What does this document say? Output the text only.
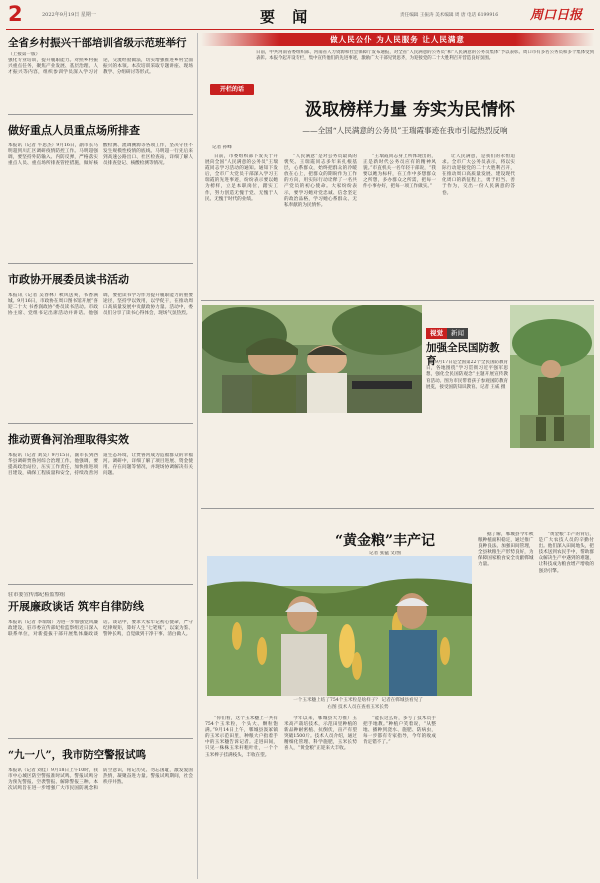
2	2022年9月19日 星期一	要 闻	责任编辑 王振涛 美术编辑 周 唐 电话 6199916 周口日报
全省乡村振兴干部培训省级示范班举行
（上接第一版）
强化专业培训，提升履职能力。对照乡村振兴重点任务，聚焦产业发展、基层治理、人才振兴等内容，组织参训学员深入学习讨论，交流经验做法，切实增强推进乡村全面振兴的本领。本次培训采取专题讲座、现场教学、分组研讨等形式。
做好重点人员重点场所排查
本报讯（记者 牛思杰）9月16日，副市长马明超到川汇区调研疫情防控工作。马明超强调，要坚持外防输入、内防反弹，严格落实重点人员、重点场所排查管控措施，做好核酸检测、流调溯源等各项工作，坚决守住不发生规模性疫情的底线。马明超一行先后来到高速公路出口、社区检查站，详细了解人员排查登记、核酸检测等情况。
市政协开展委员读书活动
本报讯（记者 吴春林）秋风送爽，书香满城。9月16日，市政协在周口图书馆开展“喜迎二十大 书香润政协”委员读书活动。市政协主席、党组书记出席活动并讲话。他强调，要把读书学习作为提升履职能力的重要途径，坚持学以致用，以学促干，在推动周口高质量发展中贡献政协力量。活动中，委员们分享了读书心得体会，现场气氛热烈。
推动贾鲁河治理取得实效
本报讯（记者 刘昊）9月15日，副市长到西华县调研贾鲁河综合治理工作。他强调，要提高政治站位，压实工作责任，加快推进项目建设，确保工程质量和安全，持续改善河道生态环境，让贾鲁河成为造福群众的幸福河。调研中，详细了解了项目进展、资金使用、存在问题等情况，并现场协调解决有关问题。
驻市委宣传部纪检监察组
开展廉政谈话 筑牢自律防线
本报讯（记者 李瑞瑞）为进一步加强党风廉政建设，驻市委宣传部纪检监察组近日深入联系单位，对新提拔干部开展集体廉政谈话。谈话中，要求大家牢记初心使命，严守纪律规矩，算好人生“七笔账”，以案为鉴、警钟长鸣，自觉做到干净干事、清白做人。
“九一八”，我市防空警报试鸣
本报讯（记者 刘佳）9月18日上午10时，我市中心城区防空警报准时试鸣。警报试鸣分为预先警报、空袭警报、解除警报三种。本次试鸣旨在进一步增强广大市民国防观念和防空意识，铭记历史、勿忘国耻，激发爱国热情，凝聚奋进力量。警报试鸣期间，社会秩序井然。
做人民公仆 为人民服务 让人民满意
日前，中共河南省委组织部、河南省人力资源和社会保障厅发布通报，对全省“人民满意的公务员”和“人民满意的公务员集体”予以表彰。周口市有多名公务员和多个集体受到表彰。本报今起开设专栏，集中宣传他们的先进事迹，激励广大干部见贤思齐，为迎接党的二十大胜利召开营造良好氛围。
开栏的话
汲取榜样力量 夯实为民情怀
——全国“人民满意的公务员”王瑞霞事迹在我市引起热烈反响
记者 孙峰
日前，市委组织部下发关于开展向全国“人民满意的公务员”王瑞霞同志学习活动的通知。通知下发后，全市广大党员干部深入学习王瑞霞的先进事迹，纷纷表示要以她为榜样，立足本职岗位，踏实工作，努力创造无愧于党、无愧于人民、无愧于时代的业绩。
“人民满意”是对公务员最高的褒奖。王瑞霞同志多年来扎根基层，心系群众，始终把群众的冷暖放在心上，把群众的期盼作为工作的方向，用实际行动诠释了一名共产党员的初心使命。大家纷纷表示，要学习她对党忠诚、信念坚定的政治品格，学习她心系群众、无私奉献的为民情怀。
“王瑞霞同志身上所体现出的，正是新时代公务员应有的精神风貌。”市直机关一名年轻干部说，“我要以她为标杆，在工作中多想群众之所想，多办群众之所需，把每一件小事办好，把每一项工作做实。”
让人民满意，是我们的永恒追求。全市广大公务员表示，将以实际行动迎接党的二十大胜利召开，在推动周口高质量发展、建设现代化周口的新征程上，勇于担当、善于作为，交出一份人民满意的答卷。
视觉 新闻
加强全民国防教育
9月17日是全国第22个全民国防教育日，各地围绕“学习贯彻习近平强军思想，强化全民国防观念”主题开展宣传教育活动。图为市民带着孩子参观国防教育展览，接受国防知识教育。记者 王威 摄
“黄金粮”丰产记
记者 张猛 文/图
一个玉米穗上结了754个玉米粒是啥样子？ 记者在郸城县看见了
右图 技术人员在查看玉米长势
据了解，郸城县今年秋粮种植面积稳定，通过推广良种良法、加强田间管理，全县秋粮生产形势良好，为保障国家粮食安全贡献郸城力量。
“黄金粮”丰产的背后，是广大农技人员的辛勤付出。他们深入田间地头，把技术送到农民手中，帮助群众解决生产中遇到的难题，让科技成为粮食增产增收的强劲引擎。
“你们看，这个玉米穗上一共有754个玉米粒，个头大、颗粒饱满。”9月14日上午，郸城县汲冢镇的玉米示范田里，种粮大户指着手中的玉米穗告诉记者。走进田间，只见一株株玉米秆粗叶壮，一个个玉米棒子挂满枝头，丰收在望。
今年以来，郸城县大力推广玉米高产栽培技术，示范田里种植的新品种耐密植、抗倒伏，亩产有望突破1500斤。技术人员介绍，通过精细化管理、科学施肥，玉米长势喜人，“黄金粮”正迎来大丰收。
“能长这么好，多亏了技术员手把手地教。”种植户笑着说，“从整地、播种到浇水、施肥、防病虫，每一步都有专家指导，今年的收成肯定错不了。”
